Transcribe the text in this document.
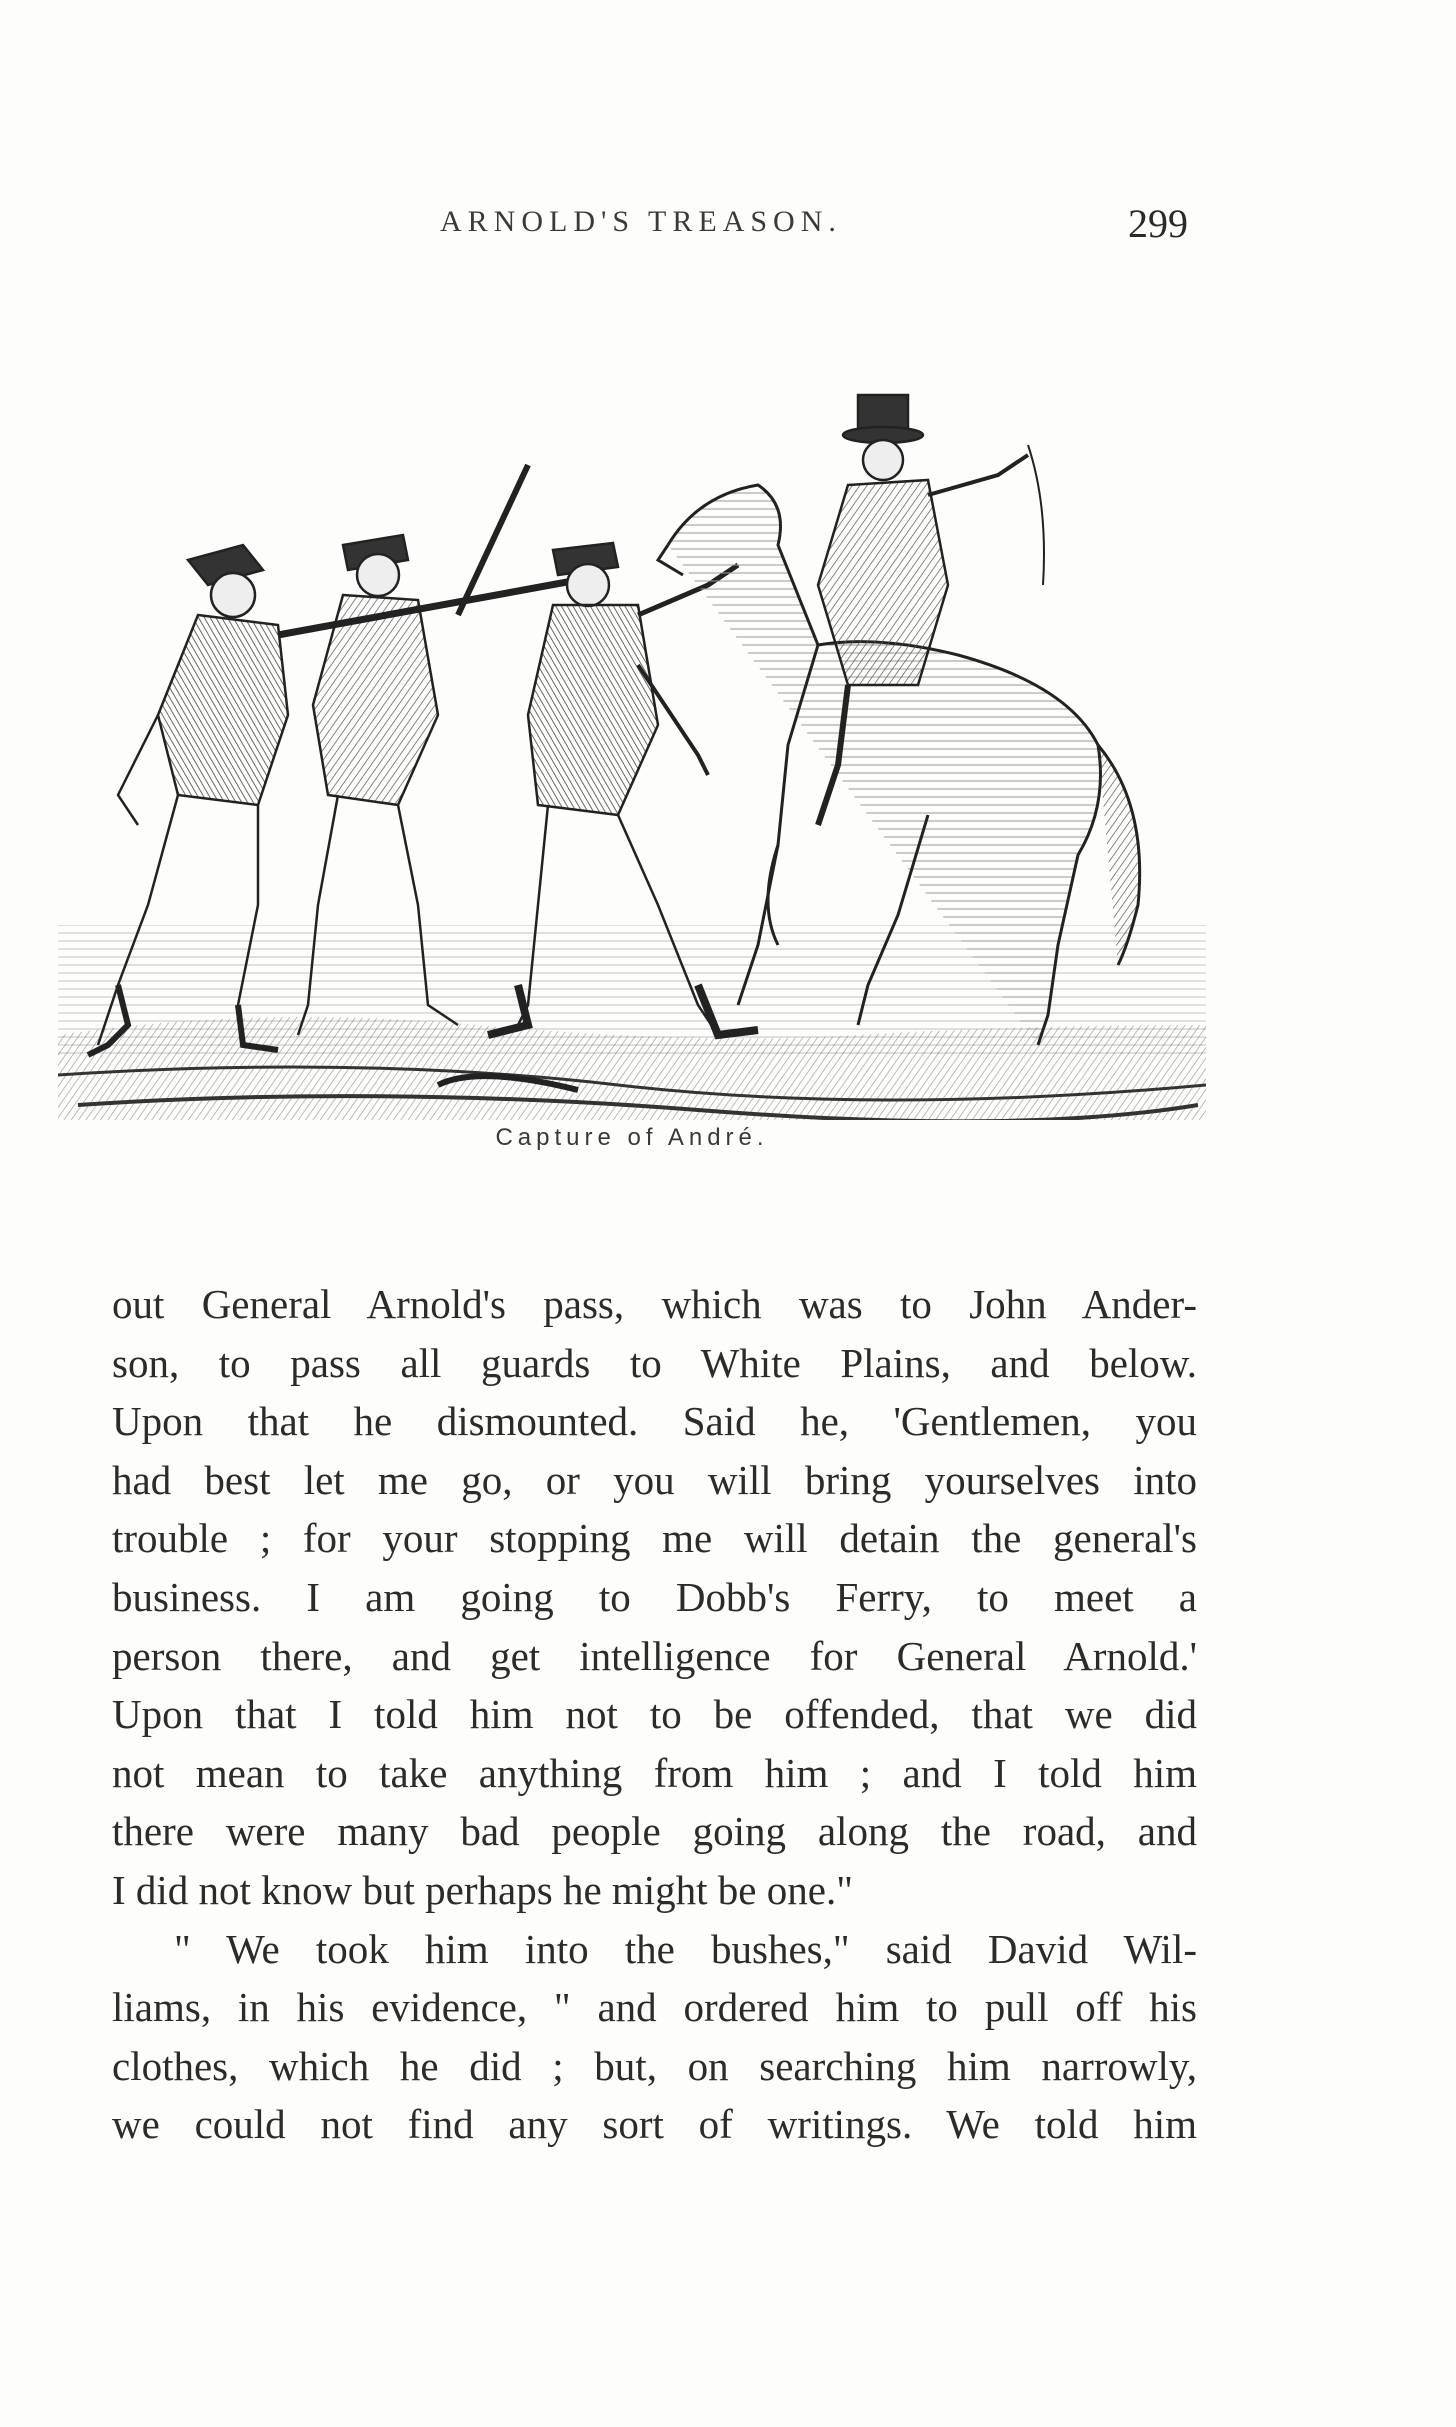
ARNOLD'S TREASON.	299
Capture of André.
out General Arnold's pass, which was to John Ander-
son, to pass all guards to White Plains, and below.
Upon that he dismounted. Said he, 'Gentlemen, you
had best let me go, or you will bring yourselves into
trouble ; for your stopping me will detain the general's
business. I am going to Dobb's Ferry, to meet a
person there, and get intelligence for General Arnold.'
Upon that I told him not to be offended, that we did
not mean to take anything from him ; and I told him
there were many bad people going along the road, and
I did not know but perhaps he might be one."
" We took him into the bushes," said David Wil-
liams, in his evidence, " and ordered him to pull off his
clothes, which he did ; but, on searching him narrowly,
we could not find any sort of writings. We told him
